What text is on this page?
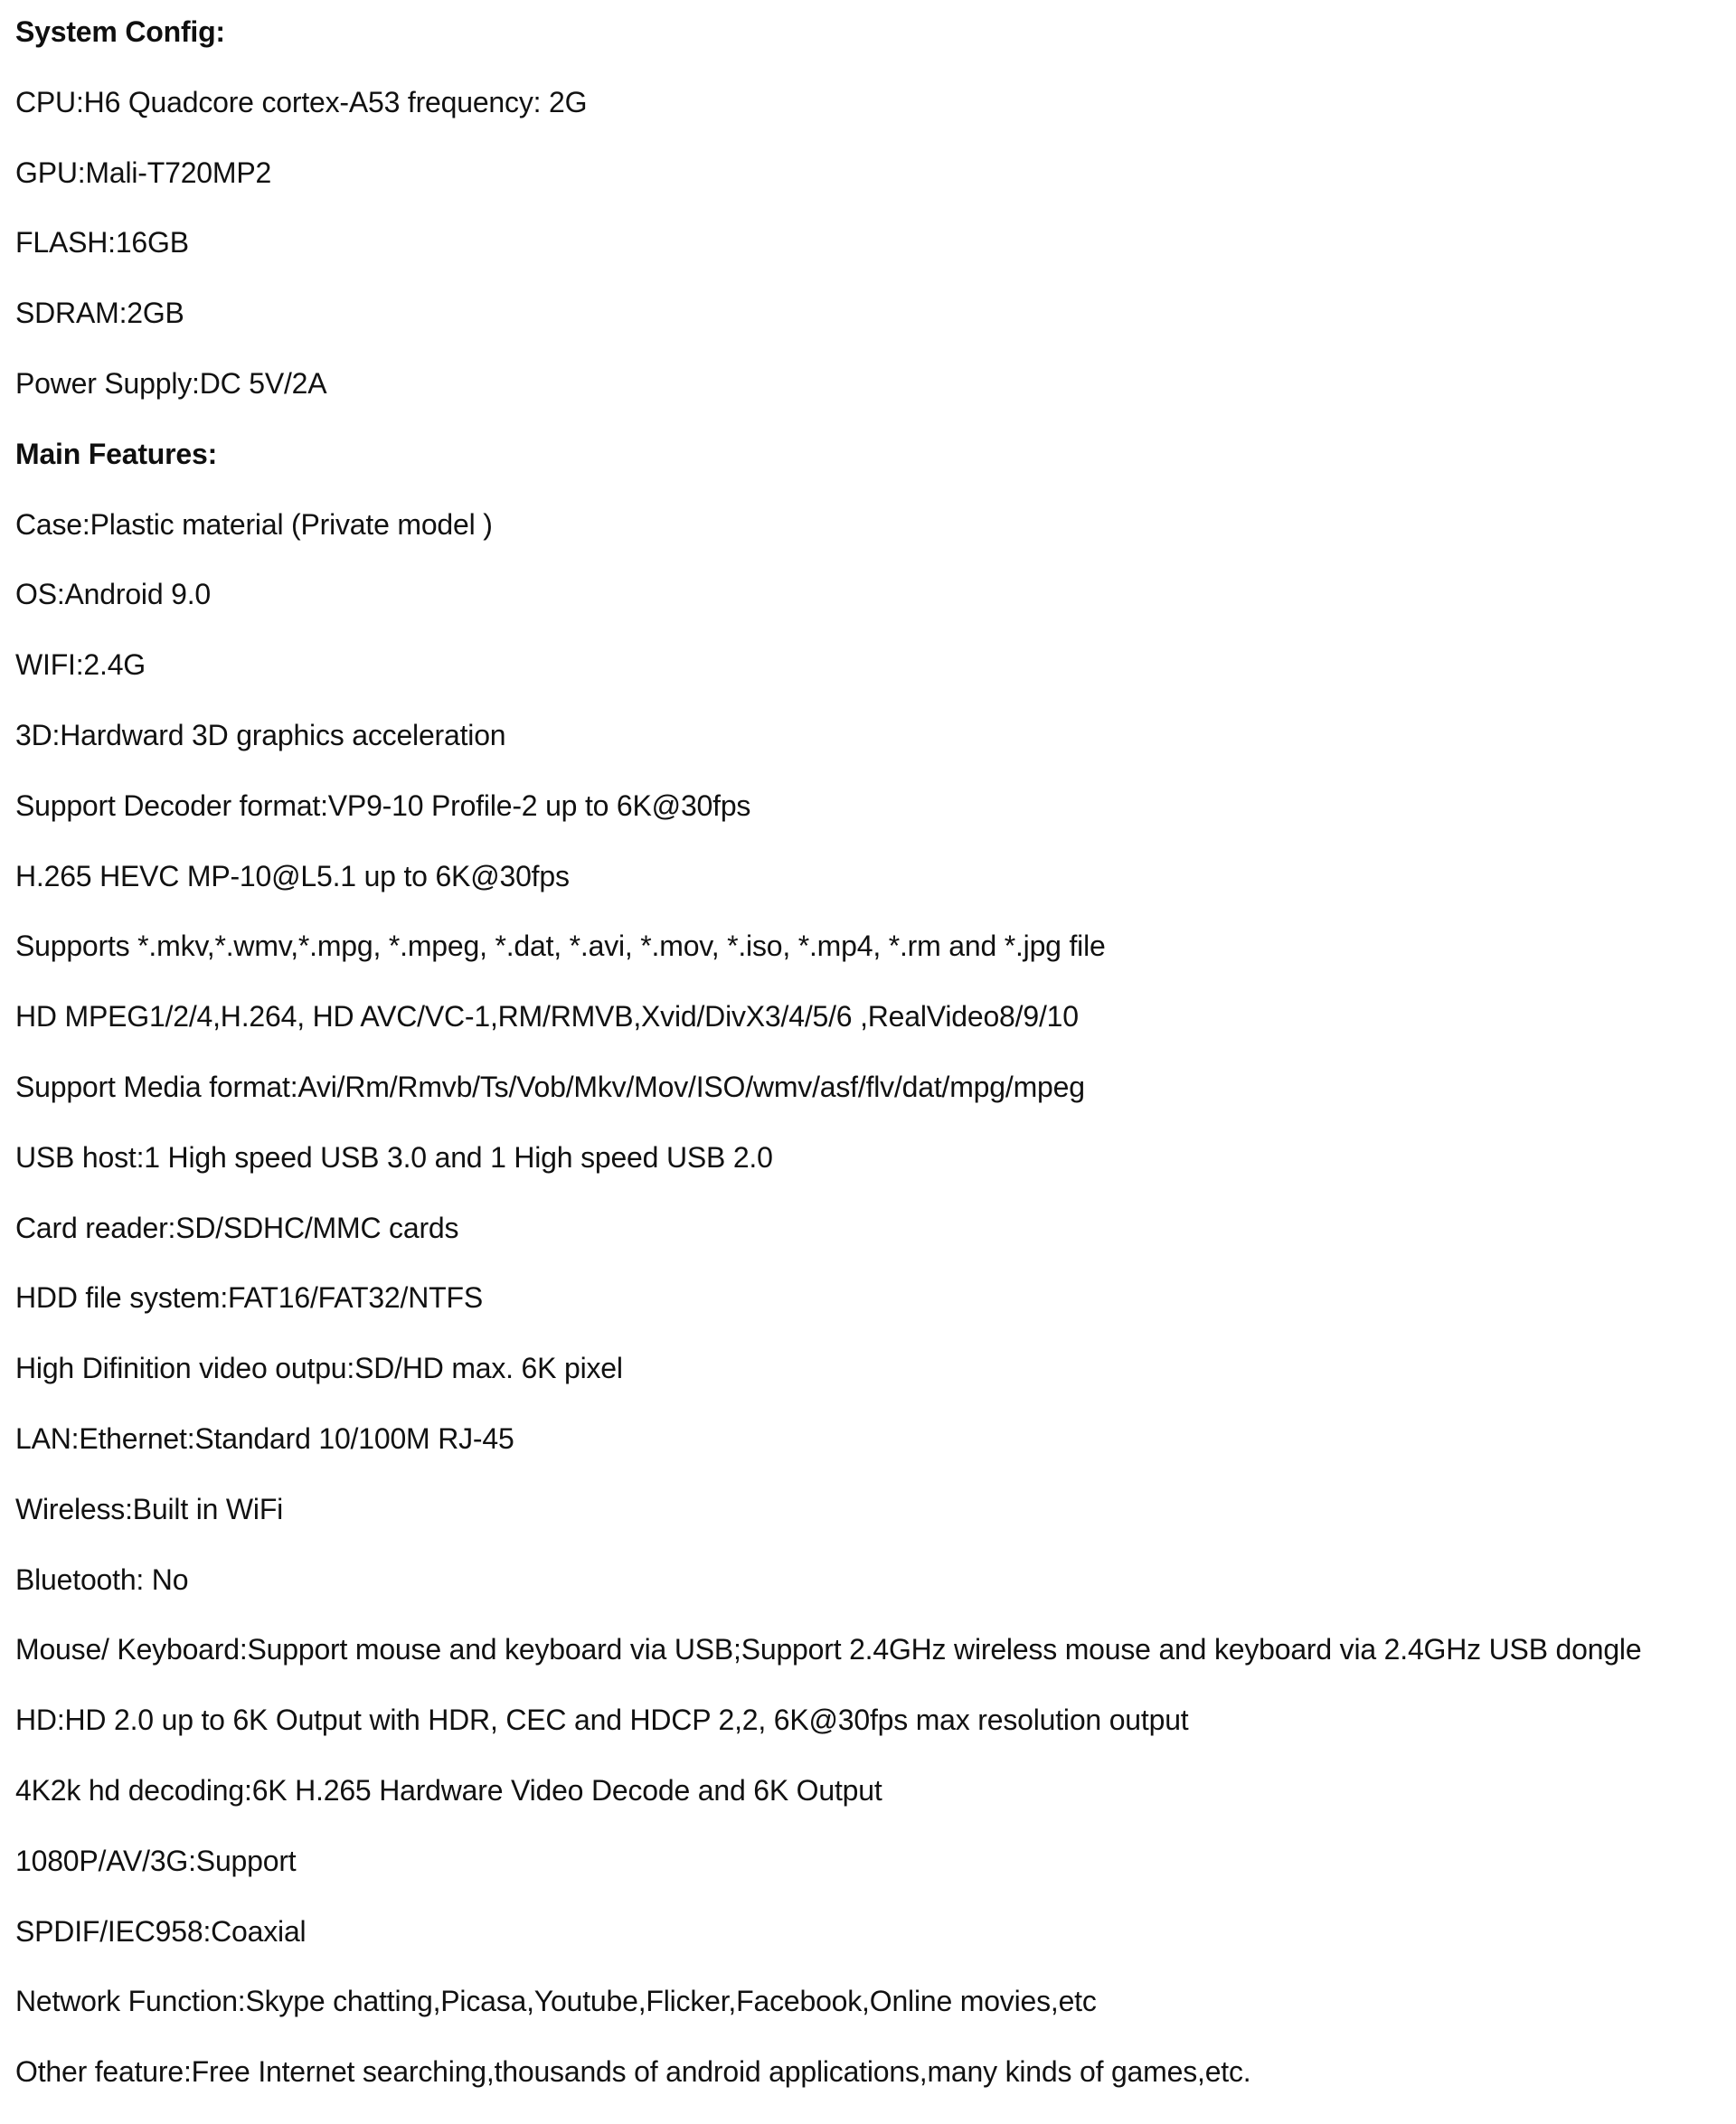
System Config:
CPU:H6 Quadcore cortex-A53 frequency: 2G
GPU:Mali-T720MP2
FLASH:16GB
SDRAM:2GB
Power Supply:DC 5V/2A
Main Features:
Case:Plastic material (Private model )
OS:Android 9.0
WIFI:2.4G
3D:Hardward 3D graphics acceleration
Support Decoder format:VP9-10 Profile-2 up to 6K@30fps
H.265 HEVC MP-10@L5.1 up to 6K@30fps
Supports *.mkv,*.wmv,*.mpg, *.mpeg, *.dat, *.avi, *.mov, *.iso, *.mp4, *.rm and *.jpg file
HD MPEG1/2/4,H.264, HD AVC/VC-1,RM/RMVB,Xvid/DivX3/4/5/6 ,RealVideo8/9/10
Support Media format:Avi/Rm/Rmvb/Ts/Vob/Mkv/Mov/ISO/wmv/asf/flv/dat/mpg/mpeg
USB host:1 High speed USB 3.0 and 1 High speed USB 2.0
Card reader:SD/SDHC/MMC cards
HDD file system:FAT16/FAT32/NTFS
High Difinition video outpu:SD/HD max. 6K pixel
LAN:Ethernet:Standard 10/100M RJ-45
Wireless:Built in WiFi
Bluetooth: No
Mouse/ Keyboard:Support mouse and keyboard via USB;Support 2.4GHz wireless mouse and keyboard via 2.4GHz USB dongle
HD:HD 2.0 up to 6K Output with HDR, CEC and HDCP 2,2, 6K@30fps max resolution output
4K2k hd decoding:6K H.265 Hardware Video Decode and 6K Output
1080P/AV/3G:Support
SPDIF/IEC958:Coaxial
Network Function:Skype chatting,Picasa,Youtube,Flicker,Facebook,Online movies,etc
Other feature:Free Internet searching,thousands of android applications,many kinds of games,etc.
